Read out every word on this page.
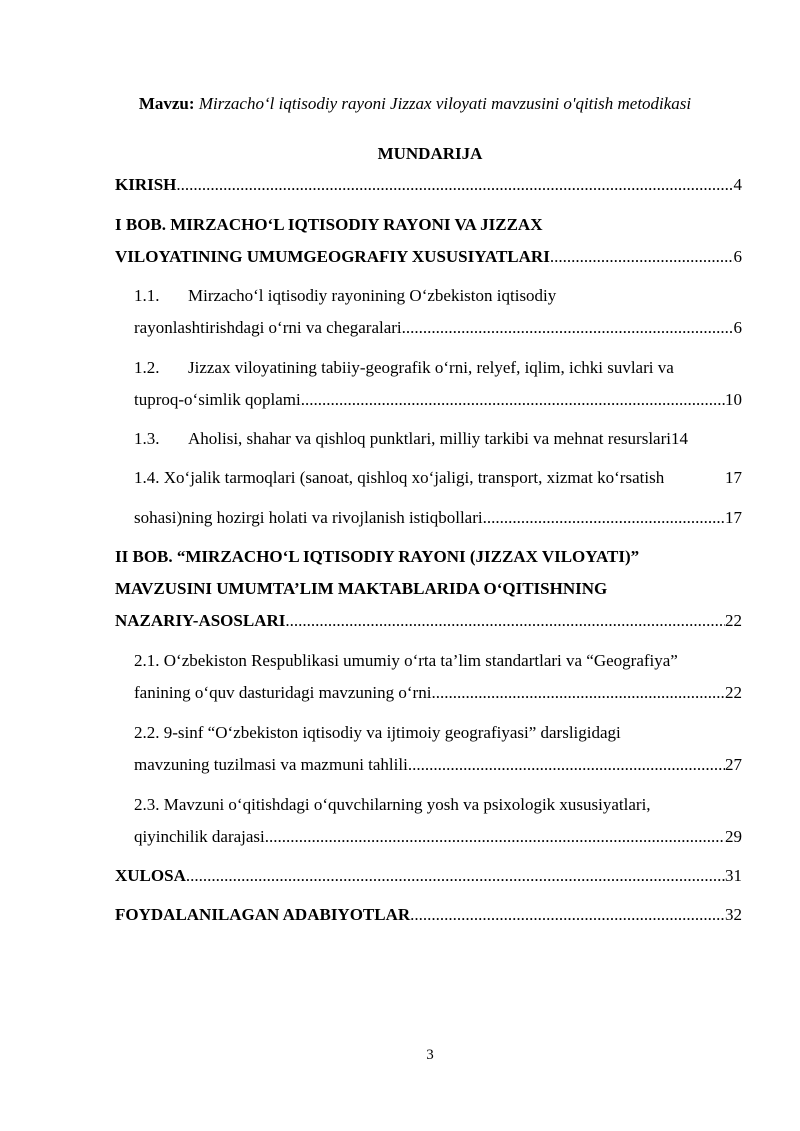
Mavzu: Mirzacho‘l iqtisodiy rayoni Jizzax viloyati mavzusini o'qitish metodikasi
MUNDARIJA
KIRISH .....	4
I BOB. MIRZACHO‘L IQTISODIY RAYONI VA JIZZAX
VILOYATINING UMUMGEOGRAFIY XUSUSIYATLARI .....	6
1.1. Mirzacho‘l iqtisodiy rayonining O‘zbekiston iqtisodiy
rayonlashtirishdagi o‘rni va chegaralari .....	6
1.2. Jizzax viloyatining tabiiy-geografik o‘rni, relyef, iqlim, ichki suvlari va
tuproq-o‘simlik qoplami .....	10
1.3.	Aholisi, shahar va qishloq punktlari, milliy tarkibi va mehnat resurslari 14
1.4. Xo‘jalik tarmoqlari (sanoat, qishloq xo‘jaligi, transport, xizmat ko‘rsatish	17
sohasi)ning hozirgi holati va rivojlanish istiqbollari .....	17
II BOB. “MIRZACHO‘L IQTISODIY RAYONI (JIZZAX VILOYATI)”
MAVZUSINI UMUMTA’LIM MAKTABLARIDA O‘QITISHNING
NAZARIY-ASOSLARI .....	22
2.1. O‘zbekiston Respublikasi umumiy o‘rta ta’lim standartlari va “Geografiya”
fanining o‘quv dasturidagi mavzuning o‘rni .....	22
2.2. 9-sinf “O‘zbekiston iqtisodiy va ijtimoiy geografiyasi” darsligidagi
mavzuning tuzilmasi va mazmuni tahlili .....	27
2.3. Mavzuni o‘qitishdagi o‘quvchilarning yosh va psixologik xususiyatlari,
qiyinchilik darajasi .....	29
XULOSA .....	31
FOYDALANILAGAN ADABIYOTLAR .....	32
3
